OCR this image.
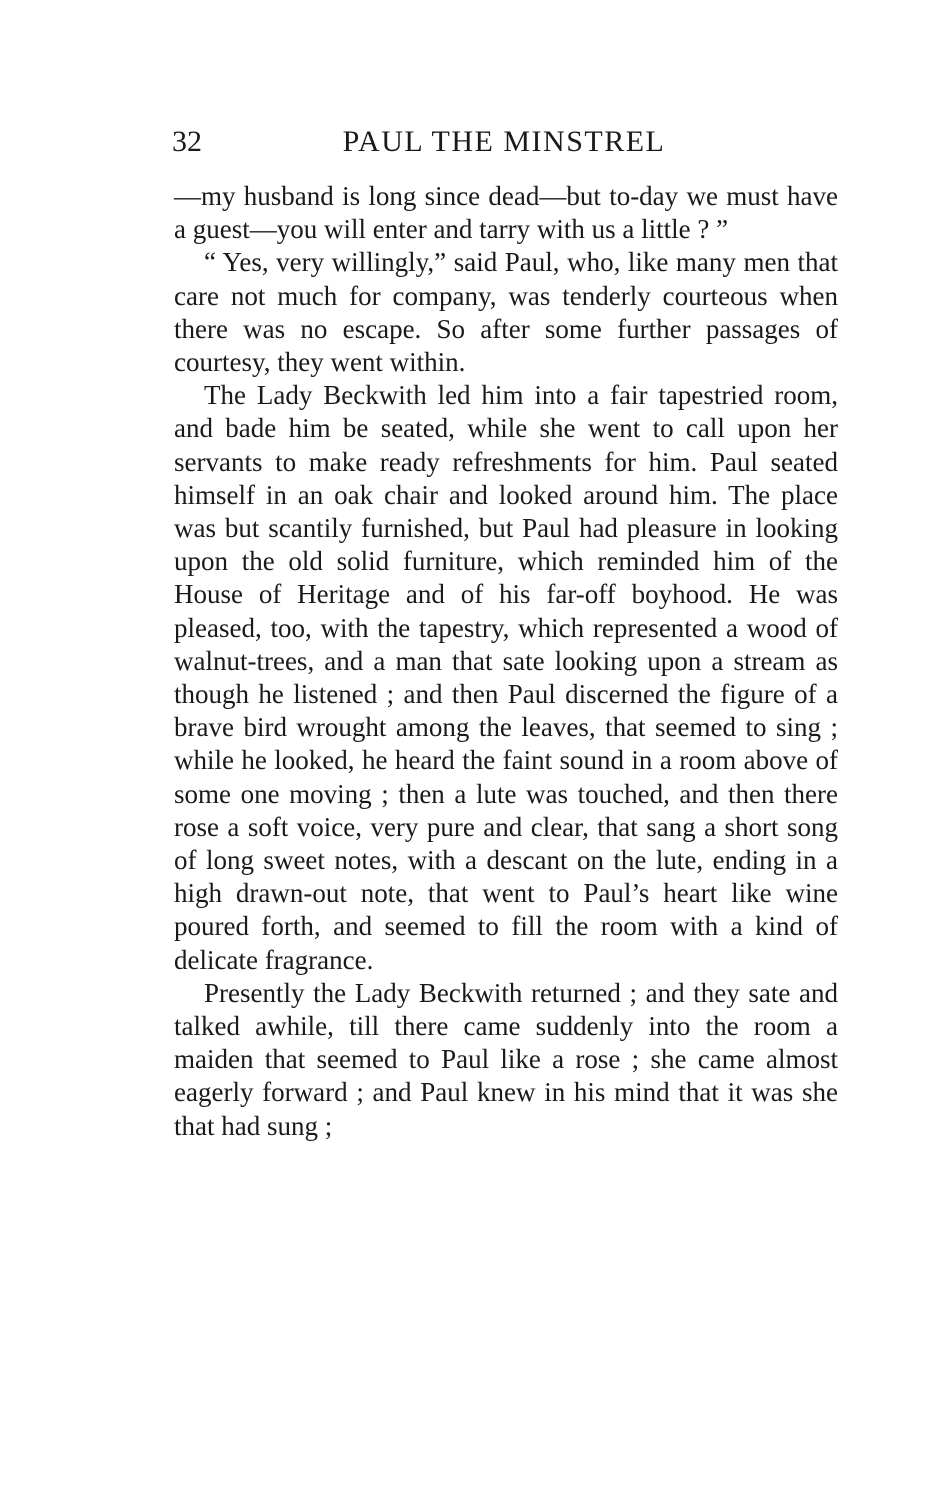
32	PAUL THE MINSTREL

—my husband is long since dead—but to-day we must have a guest—you will enter and tarry with us a little ? ”

“ Yes, very willingly,” said Paul, who, like many men that care not much for company, was tenderly courteous when there was no escape. So after some further passages of courtesy, they went within.

The Lady Beckwith led him into a fair tapestried room, and bade him be seated, while she went to call upon her servants to make ready refreshments for him. Paul seated himself in an oak chair and looked around him. The place was but scantily furnished, but Paul had pleasure in looking upon the old solid furniture, which reminded him of the House of Heritage and of his far-off boyhood. He was pleased, too, with the tapestry, which represented a wood of walnut-trees, and a man that sate looking upon a stream as though he listened ; and then Paul discerned the figure of a brave bird wrought among the leaves, that seemed to sing ; while he looked, he heard the faint sound in a room above of some one moving ; then a lute was touched, and then there rose a soft voice, very pure and clear, that sang a short song of long sweet notes, with a descant on the lute, ending in a high drawn-out note, that went to Paul’s heart like wine poured forth, and seemed to fill the room with a kind of delicate fragrance.

Presently the Lady Beckwith returned ; and they sate and talked awhile, till there came suddenly into the room a maiden that seemed to Paul like a rose ; she came almost eagerly forward ; and Paul knew in his mind that it was she that had sung ;
